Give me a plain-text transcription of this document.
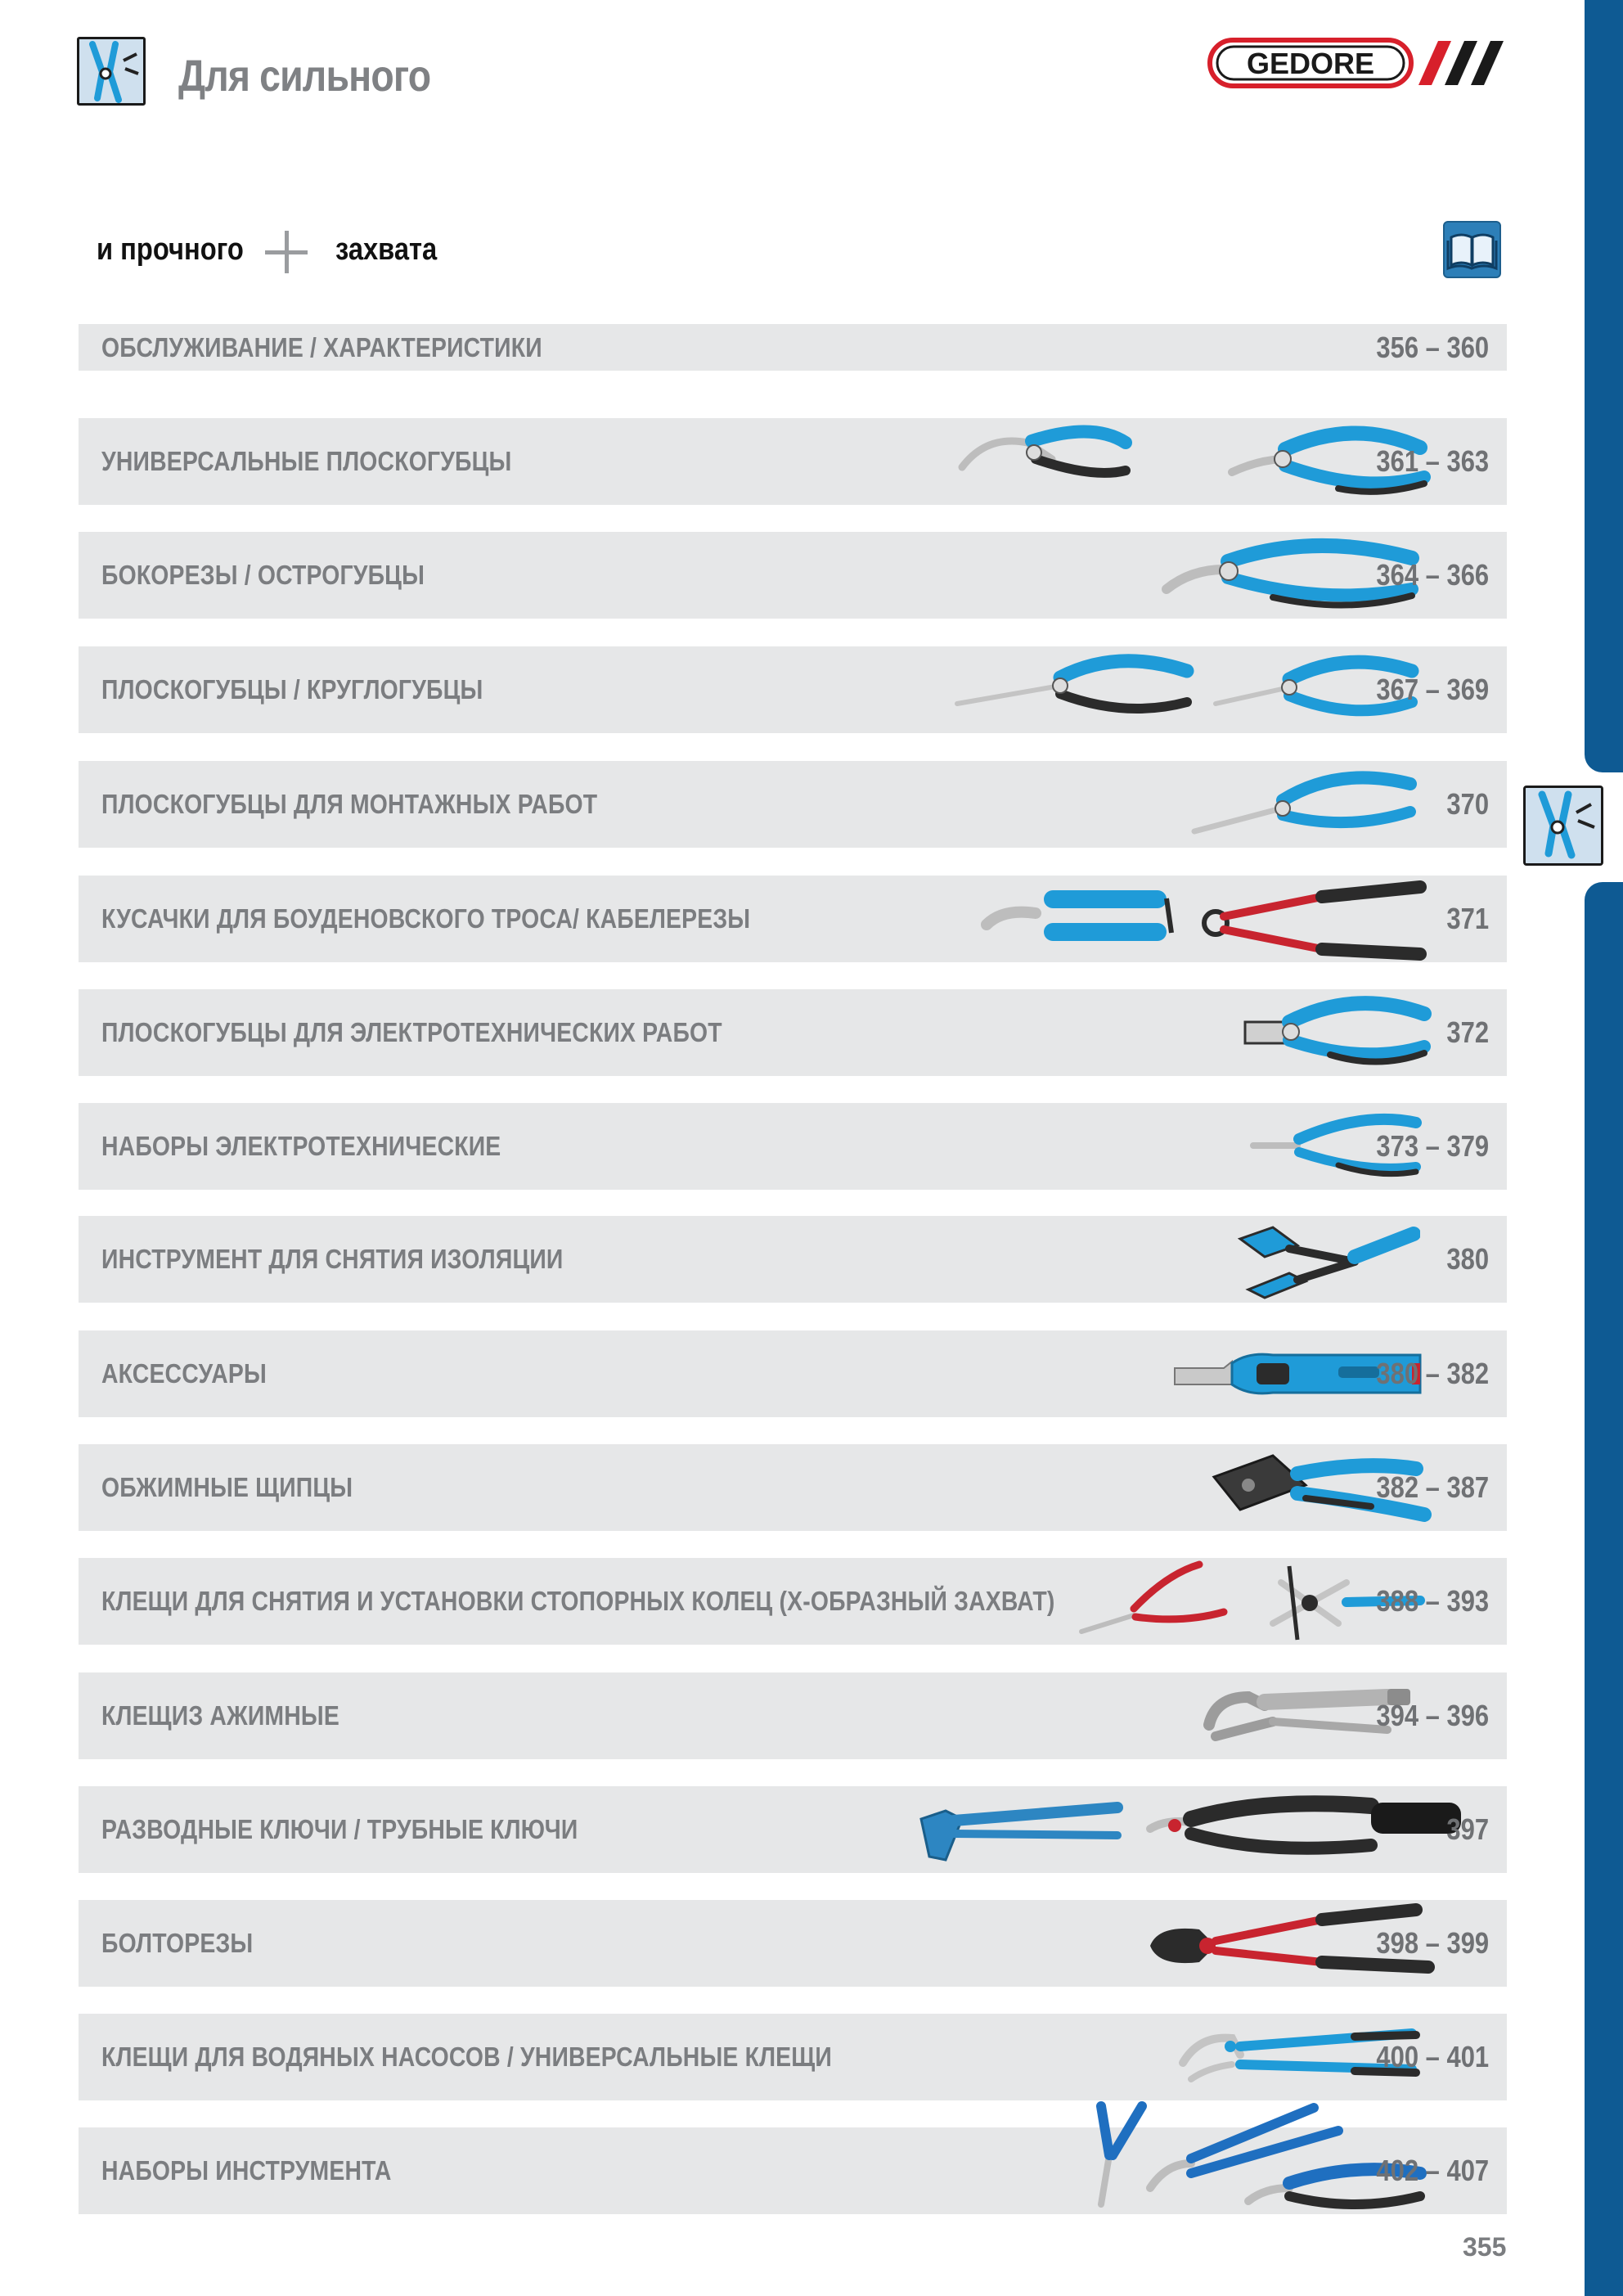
Для сильного	GEDORE
и прочного	захвата
ОБСЛУЖИВАНИЕ / ХАРАКТЕРИСТИКИ	356 – 360
УНИВЕРСАЛЬНЫЕ ПЛОСКОГУБЦЫ	361 – 363
БОКОРЕЗЫ / ОСТРОГУБЦЫ	364 – 366
ПЛОСКОГУБЦЫ / КРУГЛОГУБЦЫ	367 – 369
ПЛОСКОГУБЦЫ ДЛЯ МОНТАЖНЫХ РАБОТ	370
КУСАЧКИ ДЛЯ БОУДЕНОВСКОГО ТРОСА/ КАБЕЛЕРЕЗЫ	371
ПЛОСКОГУБЦЫ ДЛЯ ЭЛЕКТРОТЕХНИЧЕСКИХ РАБОТ	372
НАБОРЫ ЭЛЕКТРОТЕХНИЧЕСКИЕ	373 – 379
ИНСТРУМЕНТ ДЛЯ СНЯТИЯ ИЗОЛЯЦИИ	380
АКСЕССУАРЫ	380 – 382
ОБЖИМНЫЕ ЩИПЦЫ	382 – 387
КЛЕЩИ ДЛЯ СНЯТИЯ И УСТАНОВКИ СТОПОРНЫХ КОЛЕЦ (Х-ОБРАЗНЫЙ ЗАХВАТ)	388 – 393
КЛЕЩИЗ АЖИМНЫЕ	394 – 396
РАЗВОДНЫЕ КЛЮЧИ / ТРУБНЫЕ КЛЮЧИ	397
БОЛТОРЕЗЫ	398 – 399
КЛЕЩИ ДЛЯ ВОДЯНЫХ НАСОСОВ / УНИВЕРСАЛЬНЫЕ КЛЕЩИ	400 – 401
НАБОРЫ ИНСТРУМЕНТА	402 – 407
355
